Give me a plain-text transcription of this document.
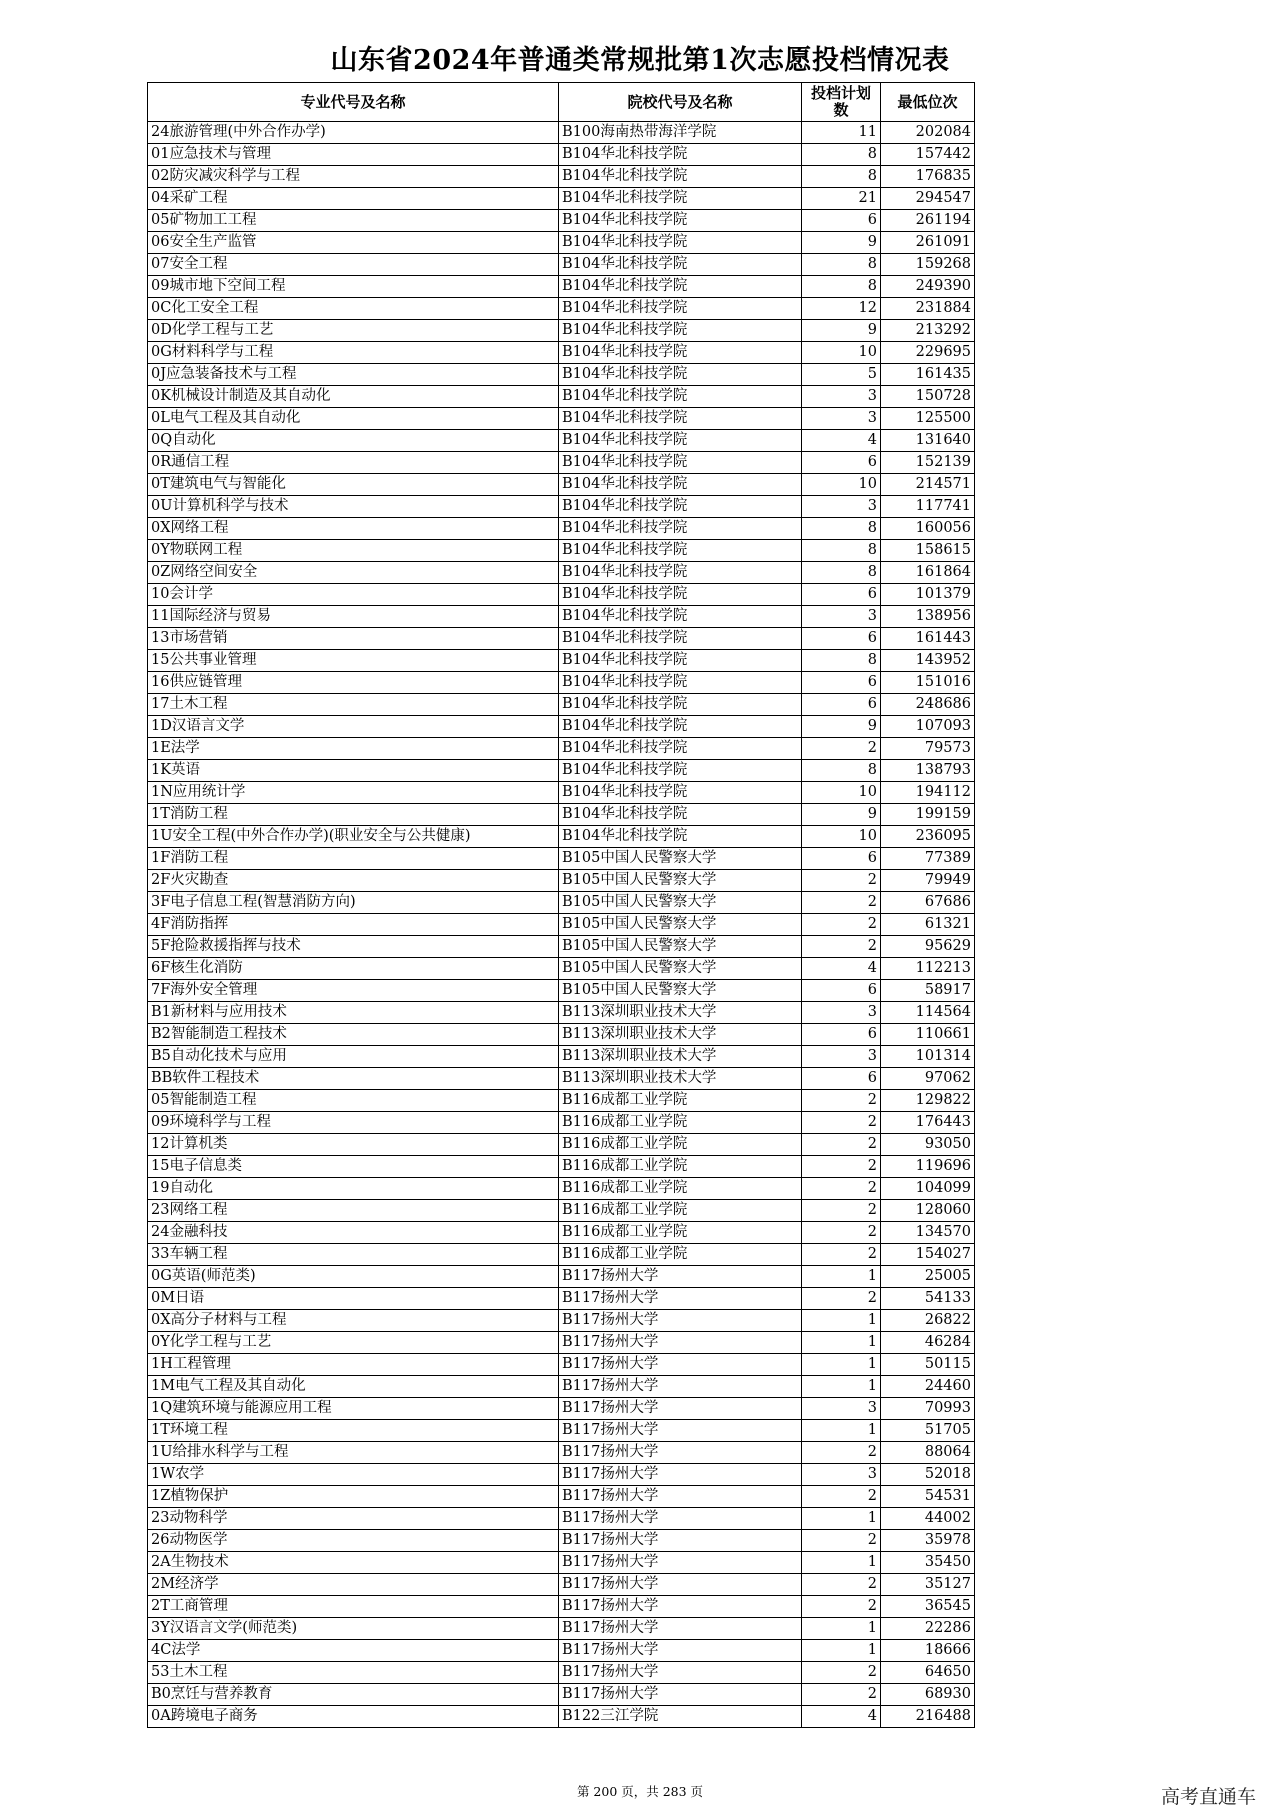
山东省2024年普通类常规批第1次志愿投档情况表
专业代号及名称	院校代号及名称	投档计划数	最低位次
24旅游管理(中外合作办学)	B100海南热带海洋学院	11	202084
01应急技术与管理	B104华北科技学院	8	157442
02防灾减灾科学与工程	B104华北科技学院	8	176835
04采矿工程	B104华北科技学院	21	294547
05矿物加工工程	B104华北科技学院	6	261194
06安全生产监管	B104华北科技学院	9	261091
07安全工程	B104华北科技学院	8	159268
09城市地下空间工程	B104华北科技学院	8	249390
0C化工安全工程	B104华北科技学院	12	231884
0D化学工程与工艺	B104华北科技学院	9	213292
0G材料科学与工程	B104华北科技学院	10	229695
0J应急装备技术与工程	B104华北科技学院	5	161435
0K机械设计制造及其自动化	B104华北科技学院	3	150728
0L电气工程及其自动化	B104华北科技学院	3	125500
0Q自动化	B104华北科技学院	4	131640
0R通信工程	B104华北科技学院	6	152139
0T建筑电气与智能化	B104华北科技学院	10	214571
0U计算机科学与技术	B104华北科技学院	3	117741
0X网络工程	B104华北科技学院	8	160056
0Y物联网工程	B104华北科技学院	8	158615
0Z网络空间安全	B104华北科技学院	8	161864
10会计学	B104华北科技学院	6	101379
11国际经济与贸易	B104华北科技学院	3	138956
13市场营销	B104华北科技学院	6	161443
15公共事业管理	B104华北科技学院	8	143952
16供应链管理	B104华北科技学院	6	151016
17土木工程	B104华北科技学院	6	248686
1D汉语言文学	B104华北科技学院	9	107093
1E法学	B104华北科技学院	2	79573
1K英语	B104华北科技学院	8	138793
1N应用统计学	B104华北科技学院	10	194112
1T消防工程	B104华北科技学院	9	199159
1U安全工程(中外合作办学)(职业安全与公共健康)	B104华北科技学院	10	236095
1F消防工程	B105中国人民警察大学	6	77389
2F火灾勘查	B105中国人民警察大学	2	79949
3F电子信息工程(智慧消防方向)	B105中国人民警察大学	2	67686
4F消防指挥	B105中国人民警察大学	2	61321
5F抢险救援指挥与技术	B105中国人民警察大学	2	95629
6F核生化消防	B105中国人民警察大学	4	112213
7F海外安全管理	B105中国人民警察大学	6	58917
B1新材料与应用技术	B113深圳职业技术大学	3	114564
B2智能制造工程技术	B113深圳职业技术大学	6	110661
B5自动化技术与应用	B113深圳职业技术大学	3	101314
BB软件工程技术	B113深圳职业技术大学	6	97062
05智能制造工程	B116成都工业学院	2	129822
09环境科学与工程	B116成都工业学院	2	176443
12计算机类	B116成都工业学院	2	93050
15电子信息类	B116成都工业学院	2	119696
19自动化	B116成都工业学院	2	104099
23网络工程	B116成都工业学院	2	128060
24金融科技	B116成都工业学院	2	134570
33车辆工程	B116成都工业学院	2	154027
0G英语(师范类)	B117扬州大学	1	25005
0M日语	B117扬州大学	2	54133
0X高分子材料与工程	B117扬州大学	1	26822
0Y化学工程与工艺	B117扬州大学	1	46284
1H工程管理	B117扬州大学	1	50115
1M电气工程及其自动化	B117扬州大学	1	24460
1Q建筑环境与能源应用工程	B117扬州大学	3	70993
1T环境工程	B117扬州大学	1	51705
1U给排水科学与工程	B117扬州大学	2	88064
1W农学	B117扬州大学	3	52018
1Z植物保护	B117扬州大学	2	54531
23动物科学	B117扬州大学	1	44002
26动物医学	B117扬州大学	2	35978
2A生物技术	B117扬州大学	1	35450
2M经济学	B117扬州大学	2	35127
2T工商管理	B117扬州大学	2	36545
3Y汉语言文学(师范类)	B117扬州大学	1	22286
4C法学	B117扬州大学	1	18666
53土木工程	B117扬州大学	2	64650
B0烹饪与营养教育	B117扬州大学	2	68930
0A跨境电子商务	B122三江学院	4	216488
第 200 页，共 283 页	高考直通车
